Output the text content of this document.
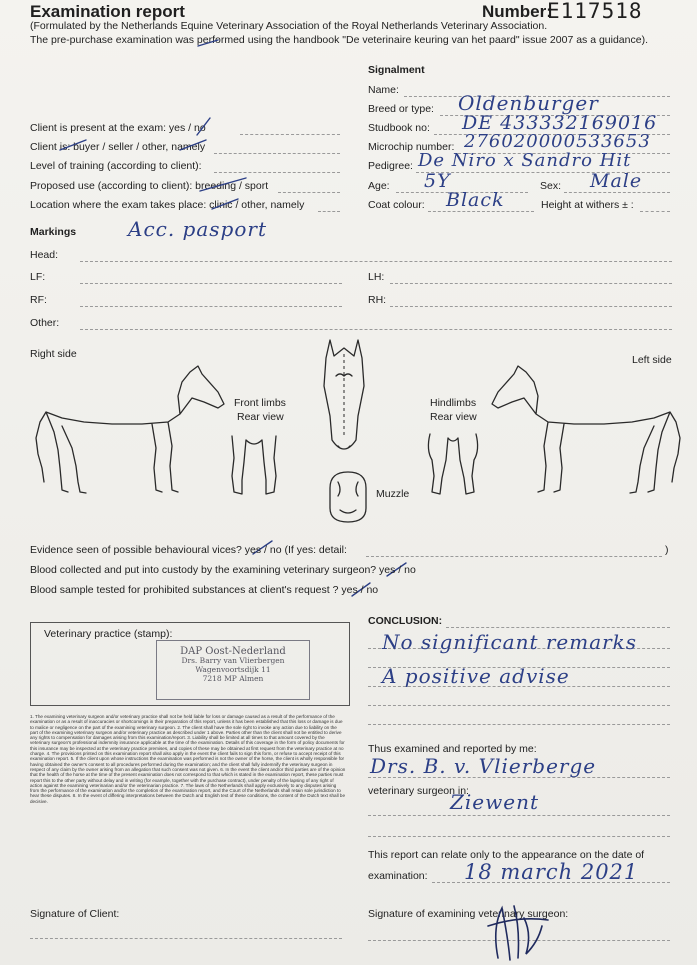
Examination report	Number:
E117518
(Formulated by the Netherlands Equine Veterinary Association of the Royal Netherlands Veterinary Association.
The pre-purchase examination was performed using the handbook "De veterinaire keuring van het paard" issue 2007 as a guidance).
Signalment
Name:
Breed or type: Oldenburger
Studbook no: DE 433332169016
Microchip number: 276020000533653
Pedigree: De Niro x Sandro Hit
Age: 5Y	Sex: Male
Coat colour: Black	Height at withers ± :
Client is present at the exam: yes / no
Client is: buyer / seller / other, namely
Level of training (according to client):
Proposed use (according to client): breeding / sport
Location where the exam takes place: clinic / other, namely
Markings	Acc. pasport
Head:
LF:	LH:
RF:	RH:
Other:
Right side	Left side
Front limbs
Rear view
Hindlimbs
Rear view
Muzzle
Evidence seen of possible behavioural vices? yes / no (If yes: detail:	)
Blood collected and put into custody by the examining veterinary surgeon? yes / no
Blood sample tested for prohibited substances at client's request ? yes / no
Veterinary practice (stamp):
DAP Oost-Nederland
Drs. Barry van Vlierbergen
Wagenvoortsdijk 11
7218 MP Almen
1. The examining veterinary surgeon and/or veterinary practice shall not be held liable for loss or damage caused as a result of the performance of the examination or as a result of inaccuracies or shortcomings in their preparation of this report, unless it has been established that this loss or damage is due to malice or negligence on the part of the examining veterinary surgeon. 2. The client shall have the sole right to invoke any action due to liability on the part of the examining veterinary surgeon and/or veterinary practice as described under 1 above. Parties other than the client shall not be entitled to derive any rights to compensation for damages arising from this examination/report. 3. Liability shall be limited at all times to that amount covered by the veterinary surgeon's professional indemnity insurance applicable at the time of the examination. Details of this coverage in the form of policy documents for this insurance may be inspected at the veterinary practice premises, and copies of these may be obtained at first request from the veterinary practice at no charge. 4. The provisions printed on this examination report shall also apply in the event the client fails to sign this form, or refuse to accept receipt of this examination report. 5. If the client upon whose instructions the examination was performed is not the owner of the horse, the client is wholly responsible for having obtained the owner's consent to all procedures performed during the examination; and the client shall fully indemnify the veterinary surgeon in respect of any claim by the owner arising from an allegation that such consent was not given. 6. In the event the client and/or third parties are of the opinion that the health of the horse at the time of the present examination does not correspond to that which is stated in the examination report, these parties must report this to the other party without delay and in writing (for example, together with the purchase contract), under penalty of the lapsing of any right of action against the examining veterinarian and/or the veterinarian practice. 7. The laws of the Netherlands shall apply exclusively to any disputes arising from the performance of the examination and/or the completion of the examination report, and the Court of the Netherlands shall retain sole jurisdiction to hear these disputes. 8. In the event of differing interpretations between the Dutch and English text of these conditions, the content of the Dutch text shall be decisive.
CONCLUSION:
No significant remarks
A positive advise
Thus examined and reported by me:
Drs. B. v. Vlierberge
veterinary surgeon in:
Ziewent
This report can relate only to the appearance on the date of
examination: 18 march 2021
Signature of Client:	Signature of examining veterinary surgeon:
